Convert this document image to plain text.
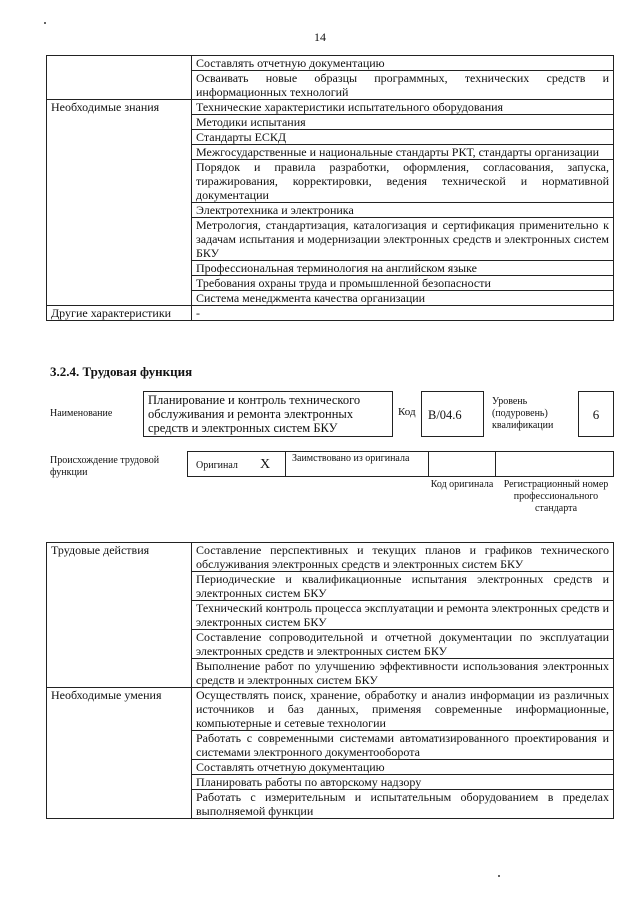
14
	Составлять отчетную документацию
	Осваивать новые образцы программных, технических средств и информационных технологий
Необходимые знания	Технические характеристики испытательного оборудования
	Методики испытания
	Стандарты ЕСКД
	Межгосударственные и национальные стандарты РКТ, стандарты организации
	Порядок и правила разработки, оформления, согласования, запуска, тиражирования, корректировки, ведения технической и нормативной документации
	Электротехника и электроника
	Метрология, стандартизация, каталогизация и сертификация применительно к задачам испытания и модернизации электронных средств и электронных систем БКУ
	Профессиональная терминология на английском языке
	Требования охраны труда и промышленной безопасности
	Система менеджмента качества организации
Другие характеристики	-
3.2.4. Трудовая функция
Наименование
Планирование и контроль технического обслуживания и ремонта электронных средств и электронных систем БКУ
Код B/04.6
Уровень (подуровень) квалификации
6
Происхождение трудовой функции
Оригинал X Заимствовано из оригинала
Код оригинала	Регистрационный номер профессионального стандарта
Трудовые действия	Составление перспективных и текущих планов и графиков технического обслуживания электронных средств и электронных систем БКУ
	Периодические и квалификационные испытания электронных средств и электронных систем БКУ
	Технический контроль процесса эксплуатации и ремонта электронных средств и электронных систем БКУ
	Составление сопроводительной и отчетной документации по эксплуатации электронных средств и электронных систем БКУ
	Выполнение работ по улучшению эффективности использования электронных средств и электронных систем БКУ
Необходимые умения	Осуществлять поиск, хранение, обработку и анализ информации из различных источников и баз данных, применяя современные информационные, компьютерные и сетевые технологии
	Работать с современными системами автоматизированного проектирования и системами электронного документооборота
	Составлять отчетную документацию
	Планировать работы по авторскому надзору
	Работать с измерительным и испытательным оборудованием в пределах выполняемой функции
